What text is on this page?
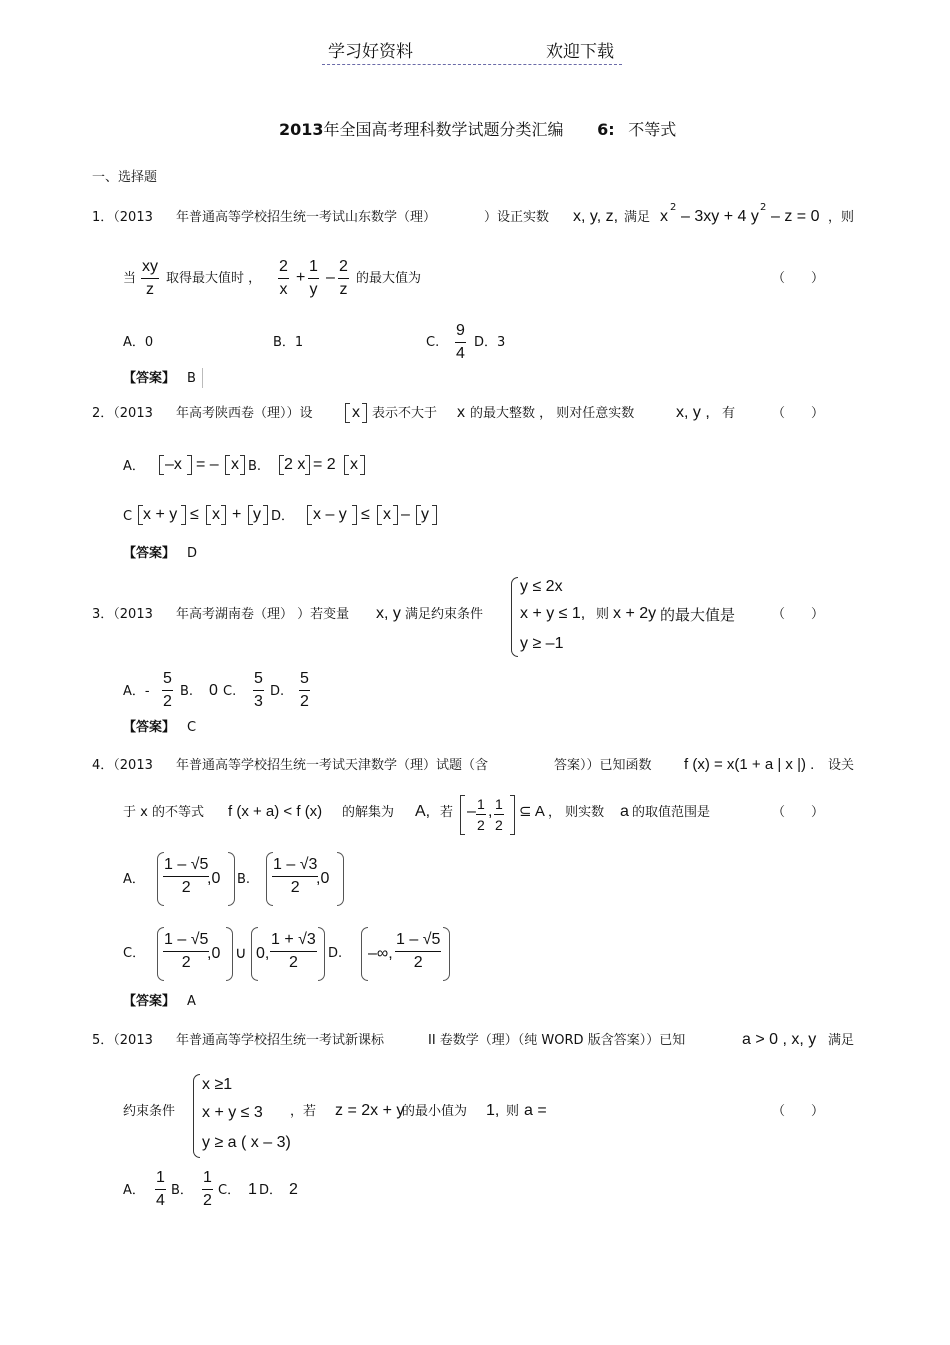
学习好资料	欢迎下载
2013年全国高考理科数学试题分类汇编 6: 不等式
一、选择题
1．（2013 年普通高等学校招生统一考试山东数学（理）	）设正实数 x, y, z, 满足 x
2
– 3xy + 4 y
2
– z = 0 ，则
当 $\frac{xy}{z}$ 取得最大值时 ， $\frac{2}{x} + \frac{1}{y} - \frac{2}{z}$ 的最大值为	（　　）
A．0	B．1	C. $\frac{9}{4}$ D．3
【答案】 B
2．（2013 年高考陕西卷（理））设 x 表示不大于 x 的最大整数 ， 则对任意实数	x, y , 有	（　　）
A． –x = – x B. 2 x = 2 x
C x + y ≤ x + y D． x – y ≤ x – y
【答案】 D
3．（2013 年高考湖南卷（理） ）若变量 x, y 满足约束条件
y ≤ 2x
x + y ≤ 1, 则 x + 2y 的最大值是
y ≥ –1
（　　）
A．- $\frac{5}{2} B$. 0 C. $\frac{5}{3} D$. $\frac{5}{2}$
【答案】 C
4．（2013 年普通高等学校招生统一考试天津数学（理）试题（含	答案））已知函数 f (x) = x(1 + a | x |) . 设关
于 x 的不等式 f (x + a) < f (x) 的解集为 A, 若 – $\frac{1}{2}$ , $\frac{1}{2}$ ⊆ A ， 则实数 a 的取值范围是	（　　）
A． $\frac{1 - √5}{2}$
,0 B. $\frac{1 - √3}{2}$
,0
C． $\frac{1 - √5}{2}$
,0 ∪ 0, $\frac{1 + √3}{2} D$. –∞, $\frac{1 - √5}{2}$
【答案】 A
5．（2013 年普通高等学校招生统一考试新课标	II 卷数学（理）（纯 WORD 版含答案））已知	a > 0 , x, y 满足
约束条件
x ≥1
x + y ≤ 3
y ≥ a ( x – 3)
，若 z = 2x + y
的最小值为 1, 则 a =	（　　）
A． $\frac{1}{4}$ B． $\frac{1}{2}$ C． 1 D． 2
